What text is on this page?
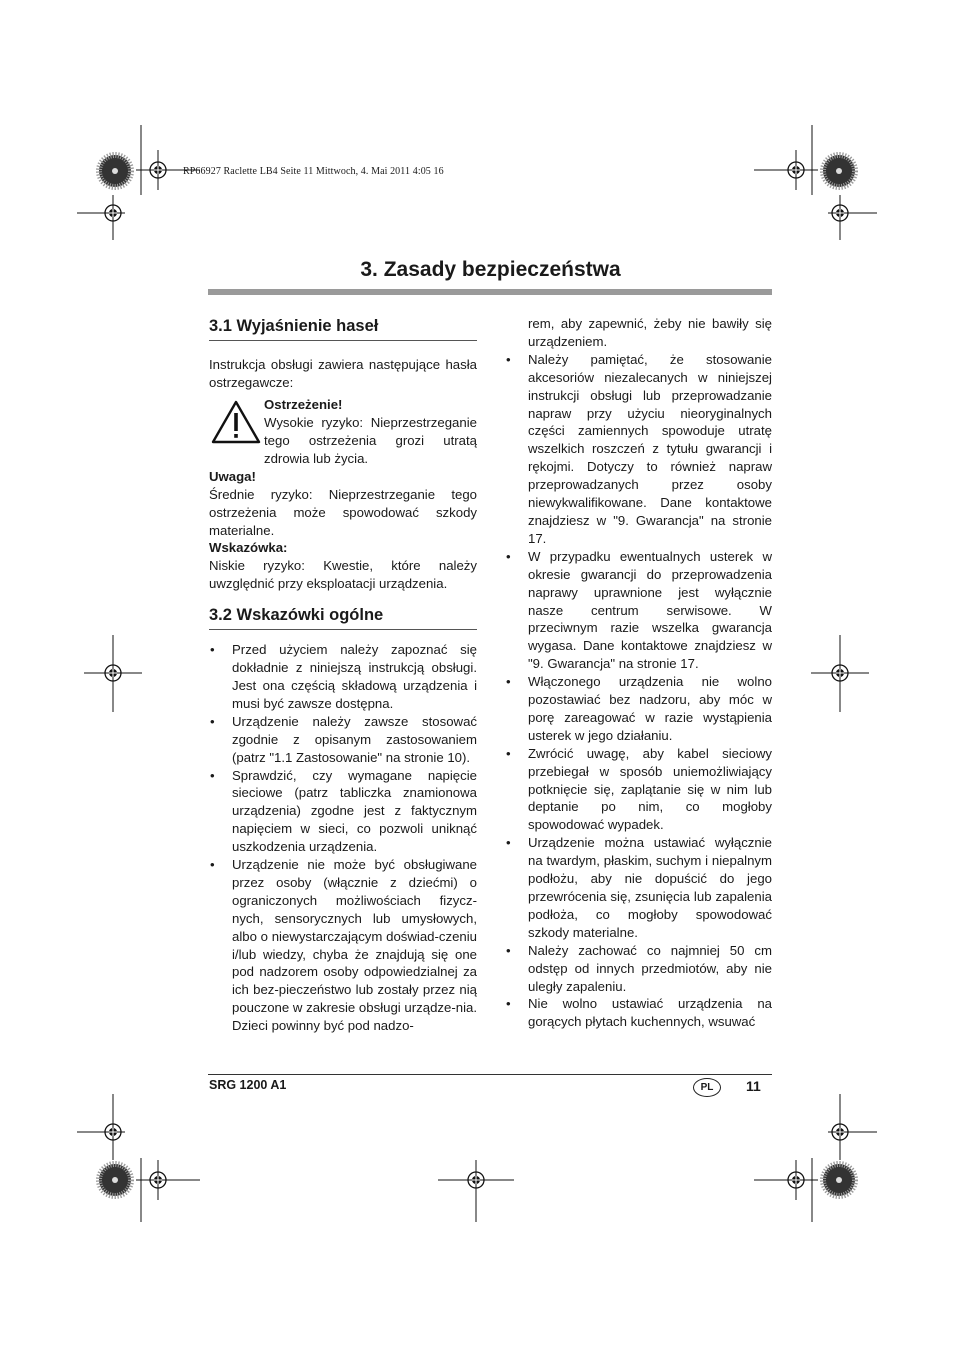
RP66927 Raclette LB4 Seite 11 Mittwoch, 4. Mai 2011 4:05 16
3. Zasady bezpieczeństwa
3.1 Wyjaśnienie haseł

Instrukcja obsługi zawiera następujące hasła ostrzegawcze:

Ostrzeżenie!
Wysokie ryzyko: Nieprzestrzeganie tego ostrzeżenia grozi utratą zdrowia lub życia.
Uwaga!

Średnie ryzyko: Nieprzestrzeganie tego ostrzeżenia może spowodować szkody materialne.

Wskazówka:

Niskie ryzyko: Kwestie, które należy uwzględnić przy eksploatacji urządzenia.

3.2 Wskazówki ogólne
• Przed użyciem należy zapoznać się dokładnie z niniejszą instrukcją obsługi. Jest ona częścią składową urządzenia i musi być zawsze dostępna.
• Urządzenie należy zawsze stosować zgodnie z opisanym zastosowaniem (patrz "1.1 Zastosowanie" na stronie 10).
• Sprawdzić, czy wymagane napięcie sieciowe (patrz tabliczka znamionowa urządzenia) zgodne jest z faktycznym napięciem w sieci, co pozwoli uniknąć uszkodzenia urządzenia.
• Urządzenie nie może być obsługiwane przez osoby (włącznie z dziećmi) o ograniczonych możliwościach fizycz-nych, sensorycznych lub umysłowych, albo o niewystarczającym doświad-czeniu i/lub wiedzy, chyba że znajdują się one pod nadzorem osoby odpowiedzialnej za ich bez-pieczeństwo lub zostały przez nią pouczone w zakresie obsługi urządze-nia. Dzieci powinny być pod nadzo-
rem, aby zapewnić, żeby nie bawiły się urządzeniem.
• Należy pamiętać, że stosowanie akcesoriów niezalecanych w niniejszej instrukcji obsługi lub przeprowadzanie napraw przy użyciu nieoryginalnych części zamiennych spowoduje utratę wszelkich roszczeń z tytułu gwarancji i rękojmi. Dotyczy to również napraw przeprowadzanych przez osoby niewykwalifikowane. Dane kontaktowe znajdziesz w "9. Gwarancja" na stronie 17.
• W przypadku ewentualnych usterek w okresie gwarancji do przeprowadzenia naprawy uprawnione jest wyłącznie nasze centrum serwisowe. W przeciwnym razie wszelka gwarancja wygasa. Dane kontaktowe znajdziesz w "9. Gwarancja" na stronie 17.
• Włączonego urządzenia nie wolno pozostawiać bez nadzoru, aby móc w porę zareagować w razie wystąpienia usterek w jego działaniu.
• Zwrócić uwagę, aby kabel sieciowy przebiegał w sposób uniemożliwiający potknięcie się, zaplątanie się w nim lub deptanie po nim, co mogłoby spowodować wypadek.
• Urządzenie można ustawiać wyłącznie na twardym, płaskim, suchym i niepalnym podłożu, aby nie dopuścić do jego przewrócenia się, zsunięcia lub zapalenia podłoża, co mogłoby spowodować szkody materialne.
• Należy zachować co najmniej 50 cm odstęp od innych przedmiotów, aby nie uległy zapaleniu.
• Nie wolno ustawiać urządzenia na gorących płytach kuchennych, wsuwać
SRG 1200 A1	PL	11
